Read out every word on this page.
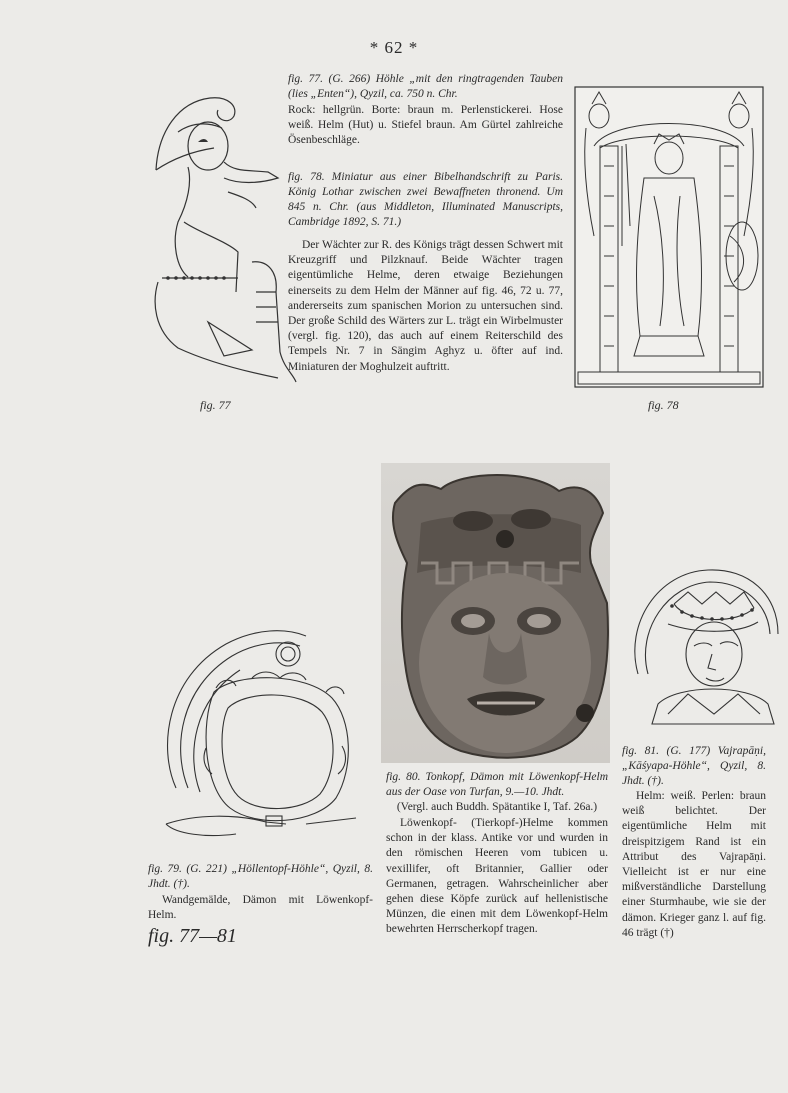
* 62 *
fig. 77
fig. 77. (G. 266) Höhle „mit den ringtragenden Tauben (lies „Enten“), Qyzil, ca. 750 n. Chr.

Rock: hellgrün. Borte: braun m. Perlenstickerei. Hose weiß. Helm (Hut) u. Stiefel braun. Am Gürtel zahlreiche Ösenbeschläge.

fig. 78. Miniatur aus einer Bibelhandschrift zu Paris. König Lothar zwischen zwei Bewaffneten thronend. Um 845 n. Chr. (aus Middleton, Illuminated Manuscripts, Cambridge 1892, S. 71.)

Der Wächter zur R. des Königs trägt dessen Schwert mit Kreuzgriff und Pilzknauf. Beide Wächter tragen eigentümliche Helme, deren etwaige Beziehungen einerseits zu dem Helm der Männer auf fig. 46, 72 u. 77, andererseits zum spanischen Morion zu untersuchen sind. Der große Schild des Wärters zur L. trägt ein Wirbelmuster (vergl. fig. 120), das auch auf einem Reiterschild des Tempels Nr. 7 in Sängim Aghyz u. öfter auf ind. Miniaturen der Moghulzeit auftritt.

fig. 78
fig. 79. (G. 221) „Höllentopf-Höhle“, Qyzil, 8. Jhdt. (†).

Wandgemälde, Dämon mit Löwenkopf-Helm.

fig. 80. Tonkopf, Dämon mit Löwenkopf-Helm aus der Oase von Turfan, 9.—10. Jhdt.
(Vergl. auch Buddh. Spätantike I, Taf. 26a.)

Löwenkopf- (Tierkopf-)Helme kommen schon in der klass. Antike vor und wurden in den römischen Heeren vom tubicen u. vexillifer, oft Britannier, Gallier oder Germanen, getragen. Wahrscheinlicher aber gehen diese Köpfe zurück auf hellenistische Münzen, die einen mit dem Löwenkopf-Helm bewehrten Herrscherkopf tragen.

fig. 81. (G. 177) Vajrapāṇi, „Kāśyapa-Höhle“, Qyzil, 8. Jhdt. (†).

Helm: weiß. Perlen: braun weiß belichtet. Der eigentümliche Helm mit dreispitzigem Rand ist ein Attribut des Vajrapāṇi. Vielleicht ist er nur eine mißverständliche Darstellung einer Sturmhaube, wie sie der dämon. Krieger ganz l. auf fig. 46 trägt (†)

fig. 77—81
